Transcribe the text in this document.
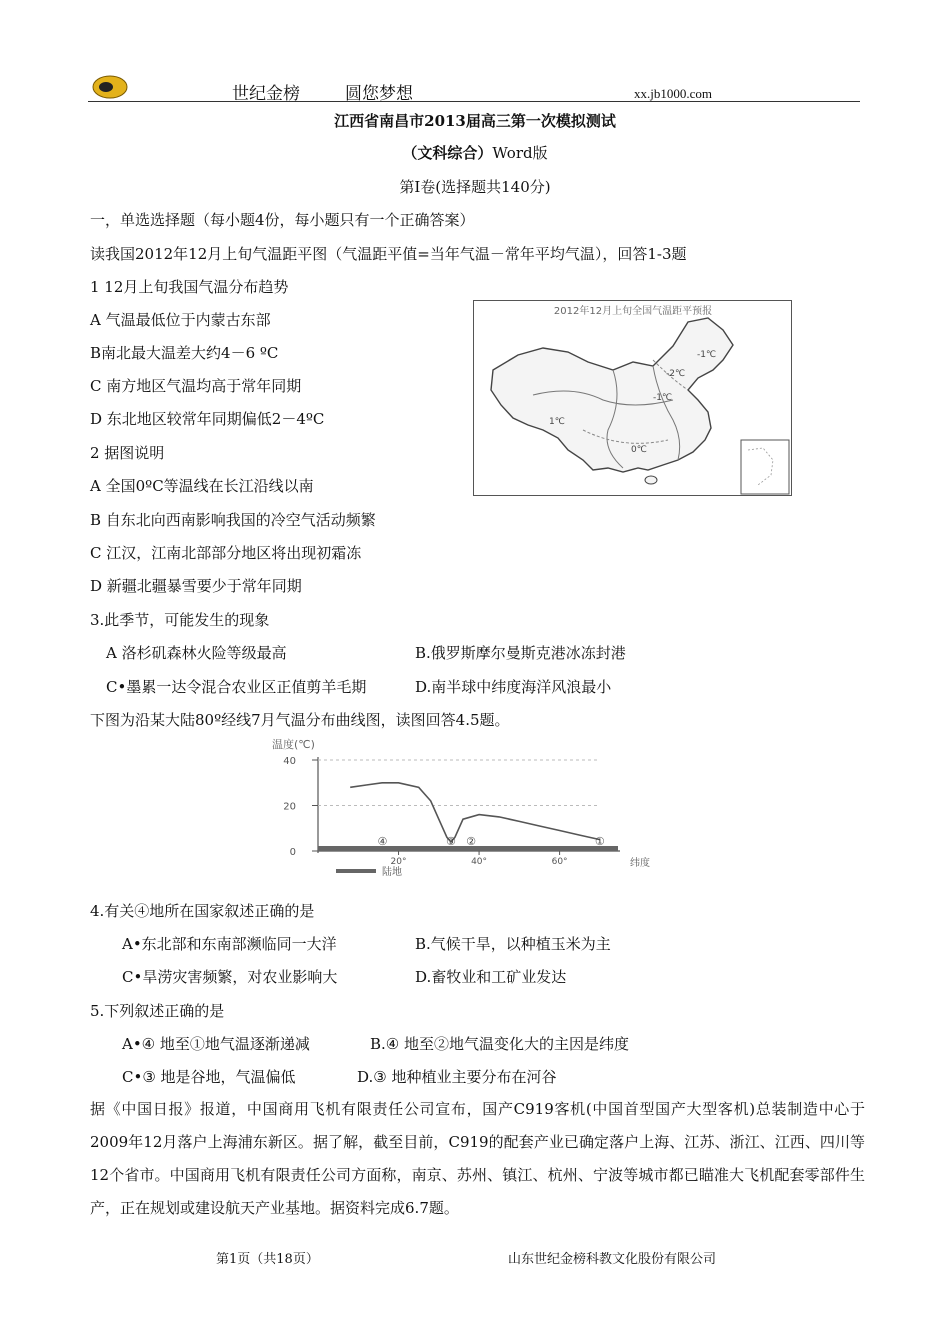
世纪金榜	圆您梦想	xx.jb1000.com
江西省南昌市2013届高三第一次模拟测试
（文科综合）Word版
第Ⅰ卷(选择题共140分)
一，单选选择题（每小题4份，每小题只有一个正确答案）
读我国2012年12月上旬气温距平图（气温距平值=当年气温－常年平均气温），回答1-3题
1 12月上旬我国气温分布趋势
A 气温最低位于内蒙古东部
B南北最大温差大约4－6 ºC
C 南方地区气温均高于常年同期
D 东北地区较常年同期偏低2－4ºC
2 据图说明
A 全国0ºC等温线在长江沿线以南
B 自东北向西南影响我国的冷空气活动频繁
C 江汉，江南北部部分地区将出现初霜冻
D 新疆北疆暴雪要少于常年同期
2012年12月上旬全国气温距平预报
-1℃
-2℃
-1℃
1℃
0℃
3.此季节，可能发生的现象
A 洛杉矶森林火险等级最高	B.俄罗斯摩尔曼斯克港冰冻封港
C•墨累一达令混合农业区正值剪羊毛期	D.南半球中纬度海洋风浪最小
下图为沿某大陆80º经线7月气温分布曲线图，读图回答4.5题。
温度(℃)
0
20
40
20°	40°	60°
④	③ ②	①
陆地
纬度
4.有关④地所在国家叙述正确的是
A•东北部和东南部濒临同一大洋	B.气候干旱，以种植玉米为主
C•旱涝灾害频繁，对农业影响大	D.畜牧业和工矿业发达
5.下列叙述正确的是
A•④ 地至①地气温逐渐递减	B.④ 地至②地气温变化大的主因是纬度
C•③ 地是谷地，气温偏低	D.③ 地种植业主要分布在河谷
据《中国日报》报道，中国商用飞机有限责任公司宣布，国产C919客机(中国首型国产大型客机)总装制造中心于2009年12月落户上海浦东新区。据了解，截至目前，C919的配套产业已确定落户上海、江苏、浙江、江西、四川等12个省市。中国商用飞机有限责任公司方面称，南京、苏州、镇江、杭州、宁波等城市都已瞄准大飞机配套零部件生产，正在规划或建设航天产业基地。据资料完成6.7题。
第1页（共18页）	山东世纪金榜科教文化股份有限公司
